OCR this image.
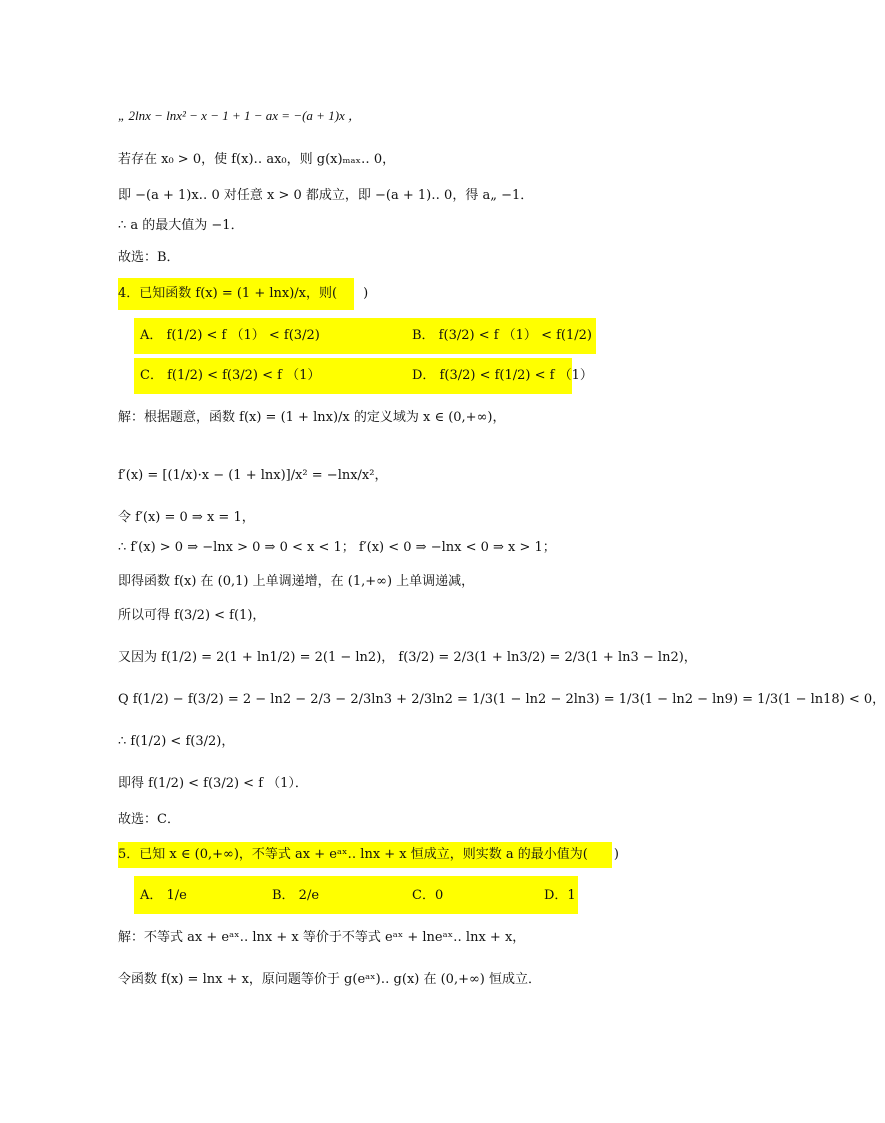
„ 2lnx − lnx² − x − 1 + 1 − ax = −(a + 1)x ，
若存在 x₀ > 0，使 f(x)‥ ax₀，则 g(x)ₘₐₓ‥ 0，
即 −(a + 1)x‥ 0 对任意 x > 0 都成立，即 −(a + 1)‥ 0，得 a„ −1．
∴ a 的最大值为 −1．
故选：B．
4．已知函数 f(x) = (1 + lnx)/x，则(　　)
A． f(1/2) < f （1） < f(3/2)	B． f(3/2) < f （1） < f(1/2)
C． f(1/2) < f(3/2) < f （1）	D． f(3/2) < f(1/2) < f （1）
解：根据题意，函数 f(x) = (1 + lnx)/x 的定义域为 x ∈ (0,+∞)，
f′(x) = [(1/x)·x − (1 + lnx)]/x² = −lnx/x²，
令 f′(x) = 0 ⇒ x = 1，
∴ f′(x) > 0 ⇒ −lnx > 0 ⇒ 0 < x < 1； f′(x) < 0 ⇒ −lnx < 0 ⇒ x > 1；
即得函数 f(x) 在 (0,1) 上单调递增，在 (1,+∞) 上单调递减，
所以可得 f(3/2) < f(1)，
又因为 f(1/2) = 2(1 + ln1/2) = 2(1 − ln2)， f(3/2) = 2/3(1 + ln3/2) = 2/3(1 + ln3 − ln2)，
Q f(1/2) − f(3/2) = 2 − ln2 − 2/3 − 2/3ln3 + 2/3ln2 = 1/3(1 − ln2 − 2ln3) = 1/3(1 − ln2 − ln9) = 1/3(1 − ln18) < 0，
∴ f(1/2) < f(3/2)，
即得 f(1/2) < f(3/2) < f （1）．
故选：C．
5．已知 x ∈ (0,+∞)，不等式 ax + eᵃˣ‥ lnx + x 恒成立，则实数 a 的最小值为(　　)
A． 1/e	B． 2/e	C．0	D．1
解：不等式 ax + eᵃˣ‥ lnx + x 等价于不等式 eᵃˣ + lneᵃˣ‥ lnx + x，
令函数 f(x) = lnx + x，原问题等价于 g(eᵃˣ)‥ g(x) 在 (0,+∞) 恒成立．
